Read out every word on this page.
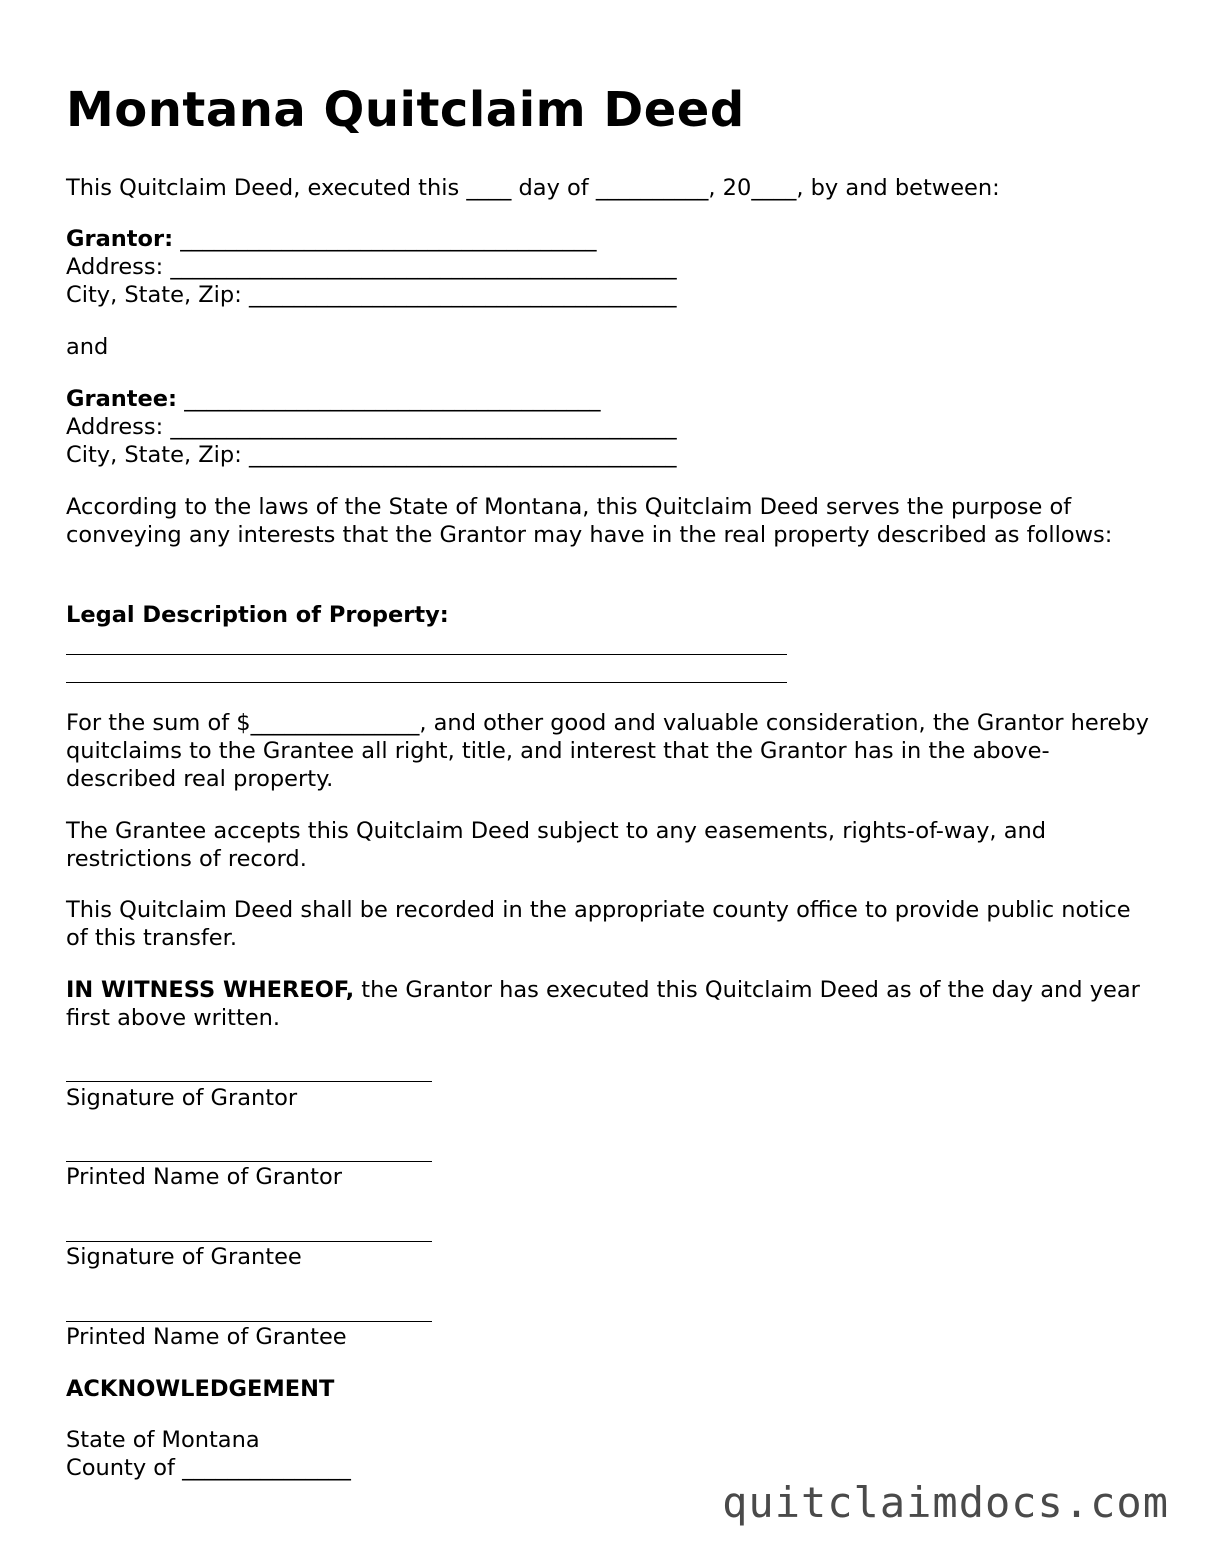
Montana Quitclaim Deed
This Quitclaim Deed, executed this ____ day of __________, 20____, by and between:
Grantor: _____________________________________
Address: _____________________________________________
City, State, Zip: ______________________________________
and
Grantee: _____________________________________
Address: _____________________________________________
City, State, Zip: ______________________________________

According to the laws of the State of Montana, this Quitclaim Deed serves the purpose of conveying any interests that the Grantor may have in the real property described as follows:

Legal Description of Property:

For the sum of $_______________, and other good and valuable consideration, the Grantor hereby quitclaims to the Grantee all right, title, and interest that the Grantor has in the above-described real property.

The Grantee accepts this Quitclaim Deed subject to any easements, rights-of-way, and restrictions of record.

This Quitclaim Deed shall be recorded in the appropriate county office to provide public notice of this transfer.

IN WITNESS WHEREOF, the Grantor has executed this Quitclaim Deed as of the day and year first above written.

Signature of Grantor
Printed Name of Grantor
Signature of Grantee
Printed Name of Grantee
ACKNOWLEDGEMENT
State of Montana
County of _______________
quitclaimdocs.com
